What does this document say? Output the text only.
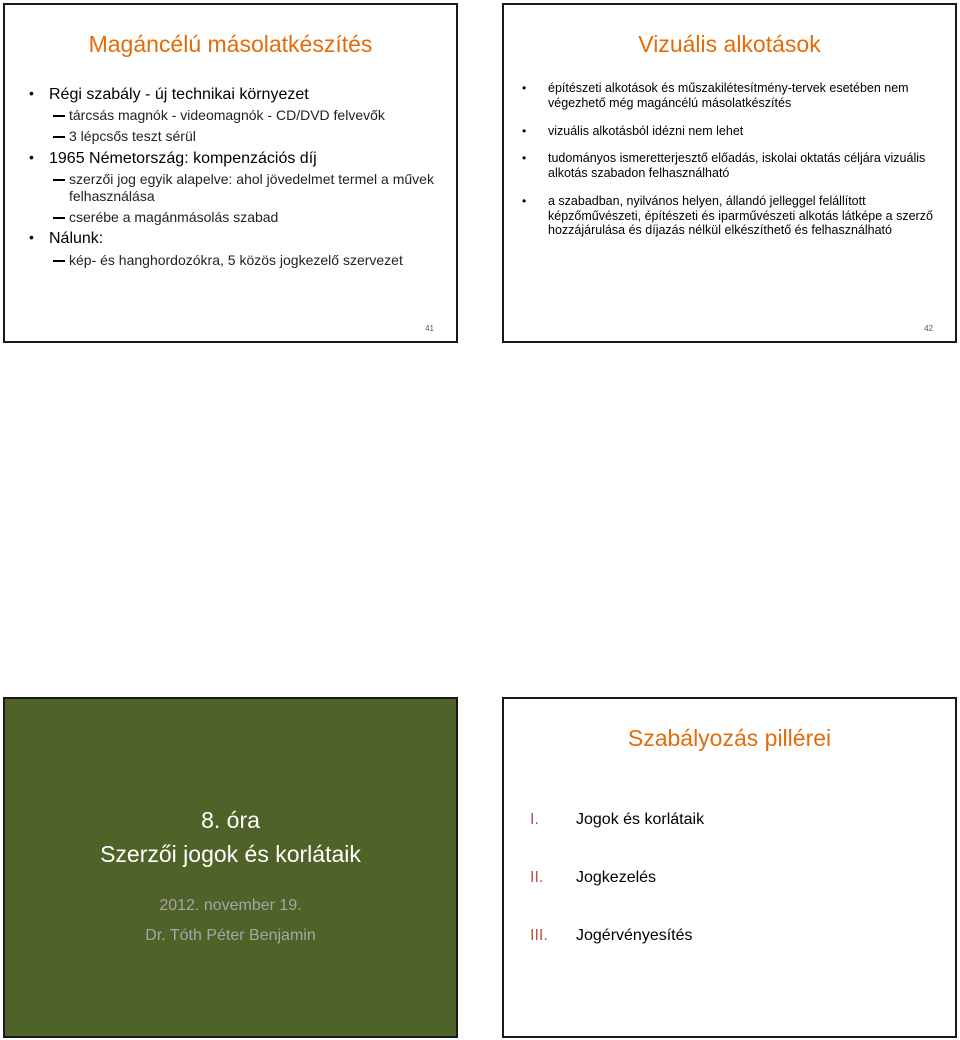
Magáncélú másolatkészítés
• Régi szabály - új technikai környezet
tárcsás magnók - videomagnók - CD/DVD felvevők
3 lépcsős teszt sérül
• 1965 Németország: kompenzációs díj
szerzői jog egyik alapelve: ahol jövedelmet termel a művek felhasználása
cserébe a magánmásolás szabad
• Nálunk:
kép- és hanghordozókra, 5 közös jogkezelő szervezet
41
Vizuális alkotások
• építészeti alkotások és műszakilétesítmény-tervek esetében nem végezhető még magáncélú másolatkészítés
• vizuális alkotásból idézni nem lehet
• tudományos ismeretterjesztő előadás, iskolai oktatás céljára vizuális alkotás szabadon felhasználható
• a szabadban, nyilvános helyen, állandó jelleggel felállított képzőművészeti, építészeti és iparművészeti alkotás látképe a szerző hozzájárulása és díjazás nélkül elkészíthető és felhasználható
42
8. óra
Szerzői jogok és korlátaik
2012. november 19.
Dr. Tóth Péter Benjamin
Szabályozás pillérei
I. Jogok és korlátaik
II. Jogkezelés
III. Jogérvényesítés
